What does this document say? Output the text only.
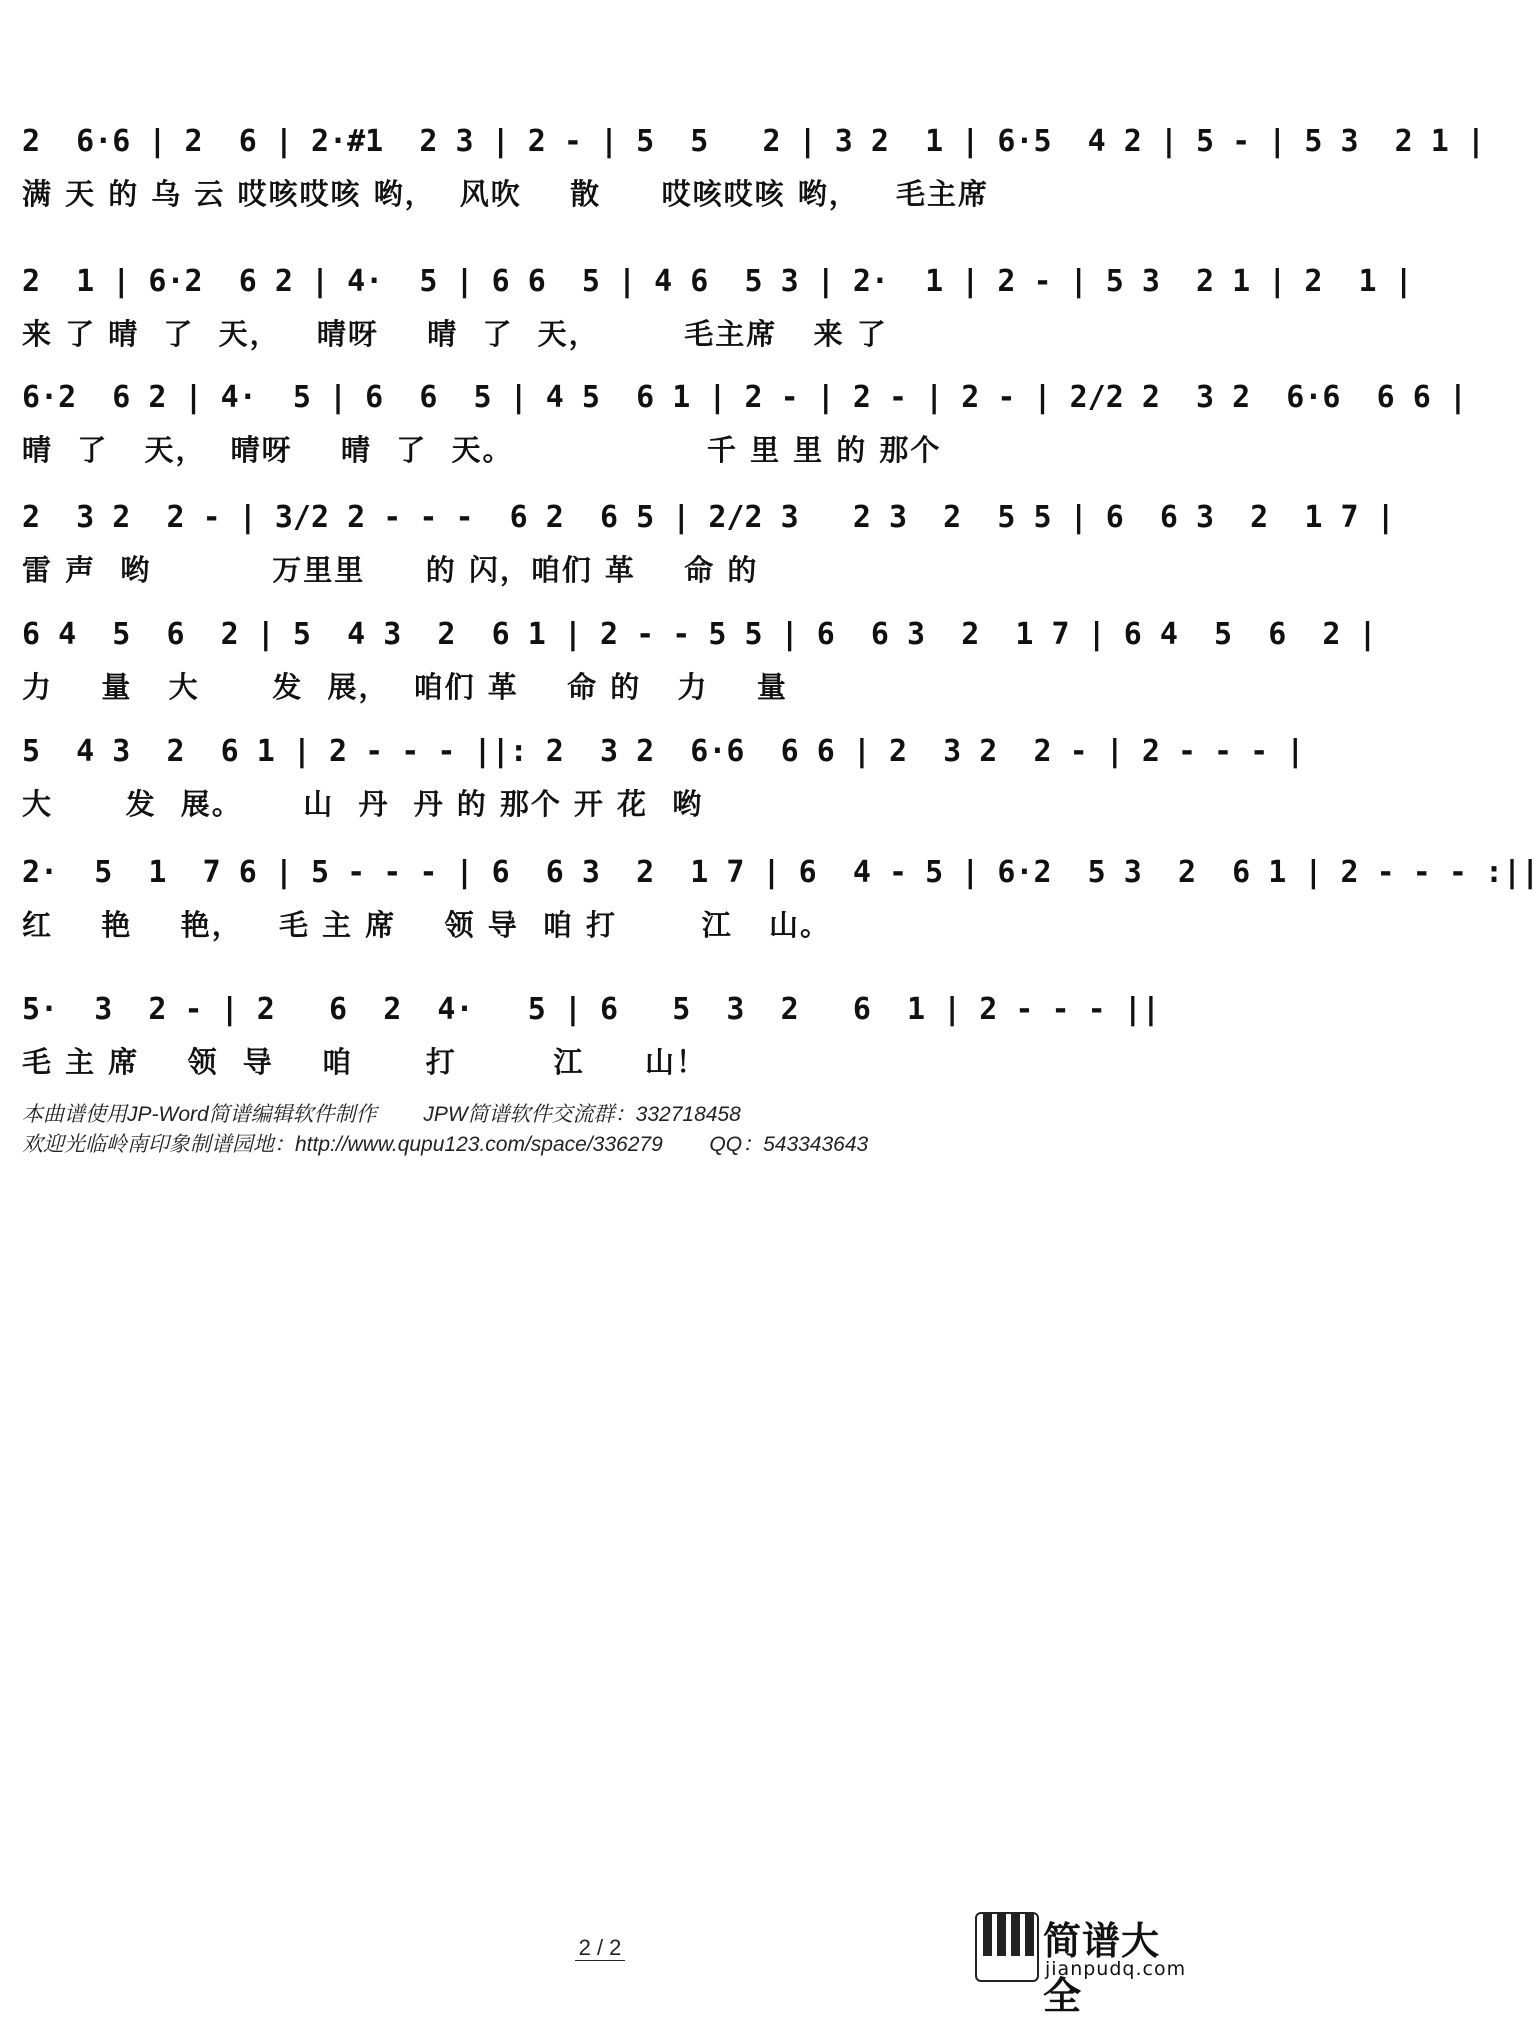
2  6·6 | 2  6 | 2·#1  2 3 | 2 - | 5  5   2 | 3 2  1 | 6·5  4 2 | 5 - | 5 3  2 1 |
满 天 的 乌 云 哎咳哎咳 哟，  风吹    散     哎咳哎咳 哟，   毛主席
2  1 | 6·2  6 2 | 4·  5 | 6 6  5 | 4 6  5 3 | 2·  1 | 2 - | 5 3  2 1 | 2  1 |
来 了 晴  了  天，   晴呀    晴  了  天，       毛主席   来 了
6·2  6 2 | 4·  5 | 6  6  5 | 4 5  6 1 | 2 - | 2 - | 2 - | 2/2 2  3 2  6·6  6 6 |
晴  了   天，  晴呀    晴  了  天。                千 里 里 的 那个
2  3 2  2 - | 3/2 2 - - -  6 2  6 5 | 2/2 3   2 3  2  5 5 | 6  6 3  2  1 7 |
雷 声  哟          万里里     的 闪，咱们 革    命 的
6 4  5  6  2 | 5  4 3  2  6 1 | 2 - - 5 5 | 6  6 3  2  1 7 | 6 4  5  6  2 |
力    量   大      发  展，  咱们 革    命 的   力    量
5  4 3  2  6 1 | 2 - - - ||: 2  3 2  6·6  6 6 | 2  3 2  2 - | 2 - - - |
大      发  展。     山  丹  丹 的 那个 开 花  哟
2·  5  1  7 6 | 5 - - - | 6  6 3  2  1 7 | 6  4 - 5 | 6·2  5 3  2  6 1 | 2 - - - :||
红    艳    艳，   毛 主 席    领 导  咱 打       江   山。
5·  3  2 - | 2   6  2  4·   5 | 6   5  3  2   6  1 | 2 - - - ||
毛 主 席    领  导    咱      打        江     山！
本曲谱使用JP-Word简谱编辑软件制作        JPW简谱软件交流群：332718458
欢迎光临岭南印象制谱园地：http://www.qupu123.com/space/336279        QQ：543343643
2 / 2	简谱大全
jianpudq.com
